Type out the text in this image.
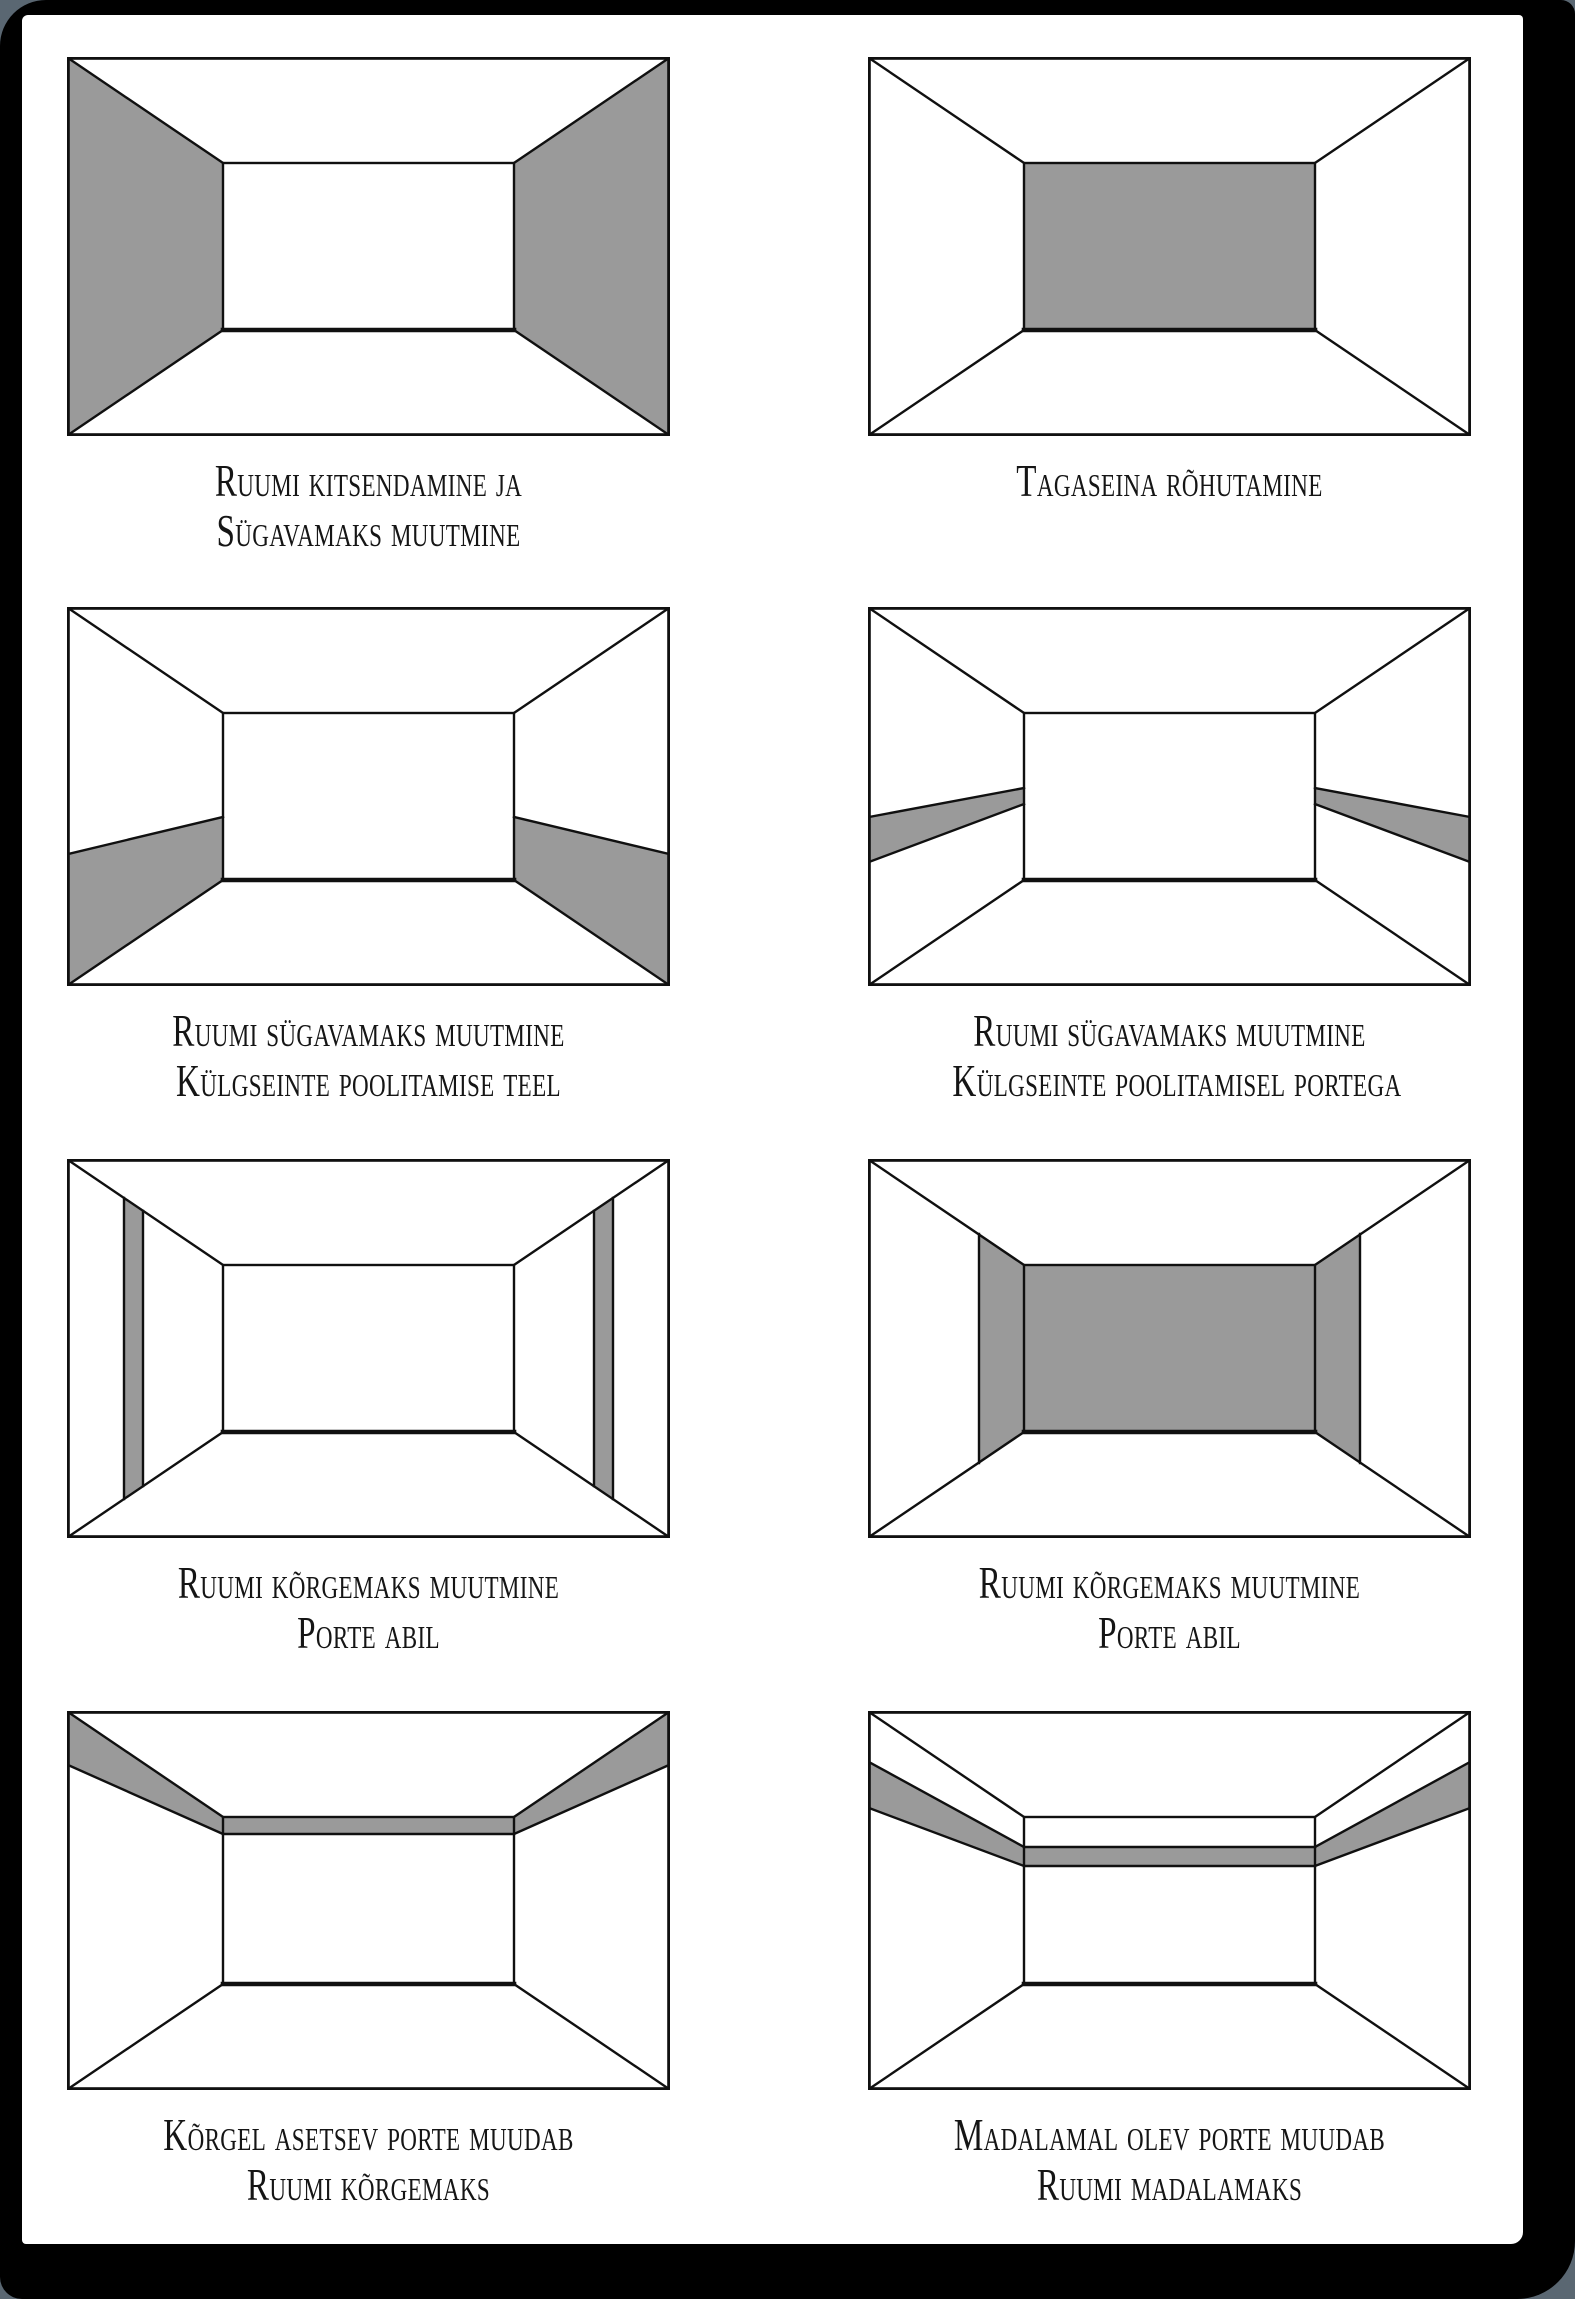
Ruumi kitsendamine ja
Sügavamaks muutmine
Tagaseina rõhutamine
Ruumi sügavamaks muutmine
Külgseinte poolitamise teel
Ruumi sügavamaks muutmine
Külgseinte poolitamisel portega
Ruumi kõrgemaks muutmine
Porte abil
Ruumi kõrgemaks muutmine
Porte abil
Kõrgel asetsev porte muudab
Ruumi kõrgemaks
Madalamal olev porte muudab
Ruumi madalamaks
